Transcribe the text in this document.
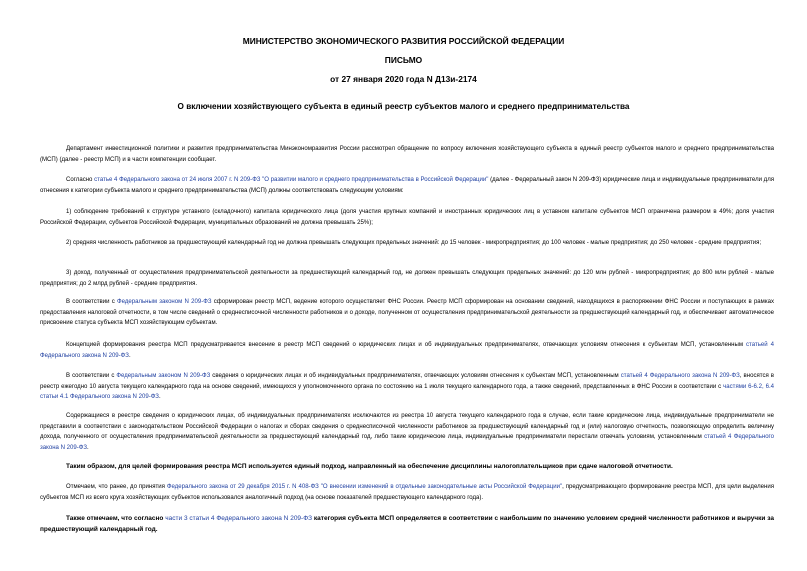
МИНИСТЕРСТВО ЭКОНОМИЧЕСКОГО РАЗВИТИЯ РОССИЙСКОЙ ФЕДЕРАЦИИ
ПИСЬМО
от 27 января 2020 года N Д13и-2174
О включении хозяйствующего субъекта в единый реестр субъектов малого и среднего предпринимательства

Департамент инвестиционной политики и развития предпринимательства Минэкономразвития России рассмотрел обращение по вопросу включения хозяйствующего субъекта в единый реестр субъектов малого и среднего предпринимательства (МСП) (далее - реестр МСП) и в части компетенции сообщает.

Согласно статье 4 Федерального закона от 24 июля 2007 г. N 209-ФЗ "О развитии малого и среднего предпринимательства в Российской Федерации" (далее - Федеральный закон N 209-ФЗ) юридические лица и индивидуальные предприниматели для отнесения к категории субъекта малого и среднего предпринимательства (МСП) должны соответствовать следующим условиям:

1) соблюдение требований к структуре уставного (складочного) капитала юридического лица (доля участия крупных компаний и иностранных юридических лиц в уставном капитале субъектов МСП ограничена размером в 49%; доля участия Российской Федерации, субъектов Российской Федерации, муниципальных образований не должна превышать 25%);

2) средняя численность работников за предшествующий календарный год не должна превышать следующих предельных значений: до 15 человек - микропредприятия; до 100 человек - малые предприятия; до 250 человек - средние предприятия;

3) доход, полученный от осуществления предпринимательской деятельности за предшествующий календарный год, не должен превышать следующих предельных значений: до 120 млн рублей - микропредприятия; до 800 млн рублей - малые предприятия; до 2 млрд рублей - средние предприятия.

В соответствии с Федеральным законом N 209-ФЗ сформирован реестр МСП, ведение которого осуществляет ФНС России. Реестр МСП сформирован на основании сведений, находящихся в распоряжении ФНС России и поступающих в рамках предоставления налоговой отчетности, в том числе сведений о среднесписочной численности работников и о доходе, полученном от осуществления предпринимательской деятельности за предшествующий календарный год, и обеспечивает автоматическое присвоение статуса субъекта МСП хозяйствующим субъектам.

Концепцией формирования реестра МСП предусматривается внесение в реестр МСП сведений о юридических лицах и об индивидуальных предпринимателях, отвечающих условиям отнесения к субъектам МСП, установленным статьей 4 Федерального закона N 209-ФЗ.

В соответствии с Федеральным законом N 209-ФЗ сведения о юридических лицах и об индивидуальных предпринимателях, отвечающих условиям отнесения к субъектам МСП, установленным статьей 4 Федерального закона N 209-ФЗ, вносятся в реестр ежегодно 10 августа текущего календарного года на основе сведений, имеющихся у уполномоченного органа по состоянию на 1 июля текущего календарного года, а также сведений, представленных в ФНС России в соответствии с частями 6-6.2, 6.4 статьи 4.1 Федерального закона N 209-ФЗ.

Содержащиеся в реестре сведения о юридических лицах, об индивидуальных предпринимателях исключаются из реестра 10 августа текущего календарного года в случае, если такие юридические лица, индивидуальные предприниматели не представили в соответствии с законодательством Российской Федерации о налогах и сборах сведения о среднесписочной численности работников за предшествующий календарный год и (или) налоговую отчетность, позволяющую определить величину дохода, полученного от осуществления предпринимательской деятельности за предшествующий календарный год, либо такие юридические лица, индивидуальные предприниматели перестали отвечать условиям, установленным статьей 4 Федерального закона N 209-ФЗ.

Таким образом, для целей формирования реестра МСП используется единый подход, направленный на обеспечение дисциплины налогоплательщиков при сдаче налоговой отчетности.

Отмечаем, что ранее, до принятия Федерального закона от 29 декабря 2015 г. N 408-ФЗ "О внесении изменений в отдельные законодательные акты Российской Федерации", предусматривающего формирование реестра МСП, для цели выделения субъектов МСП из всего круга хозяйствующих субъектов использовался аналогичный подход (на основе показателей предшествующего календарного года).

Также отмечаем, что согласно части 3 статьи 4 Федерального закона N 209-ФЗ категория субъекта МСП определяется в соответствии с наибольшим по значению условием средней численности работников и выручки за предшествующий календарный год.
